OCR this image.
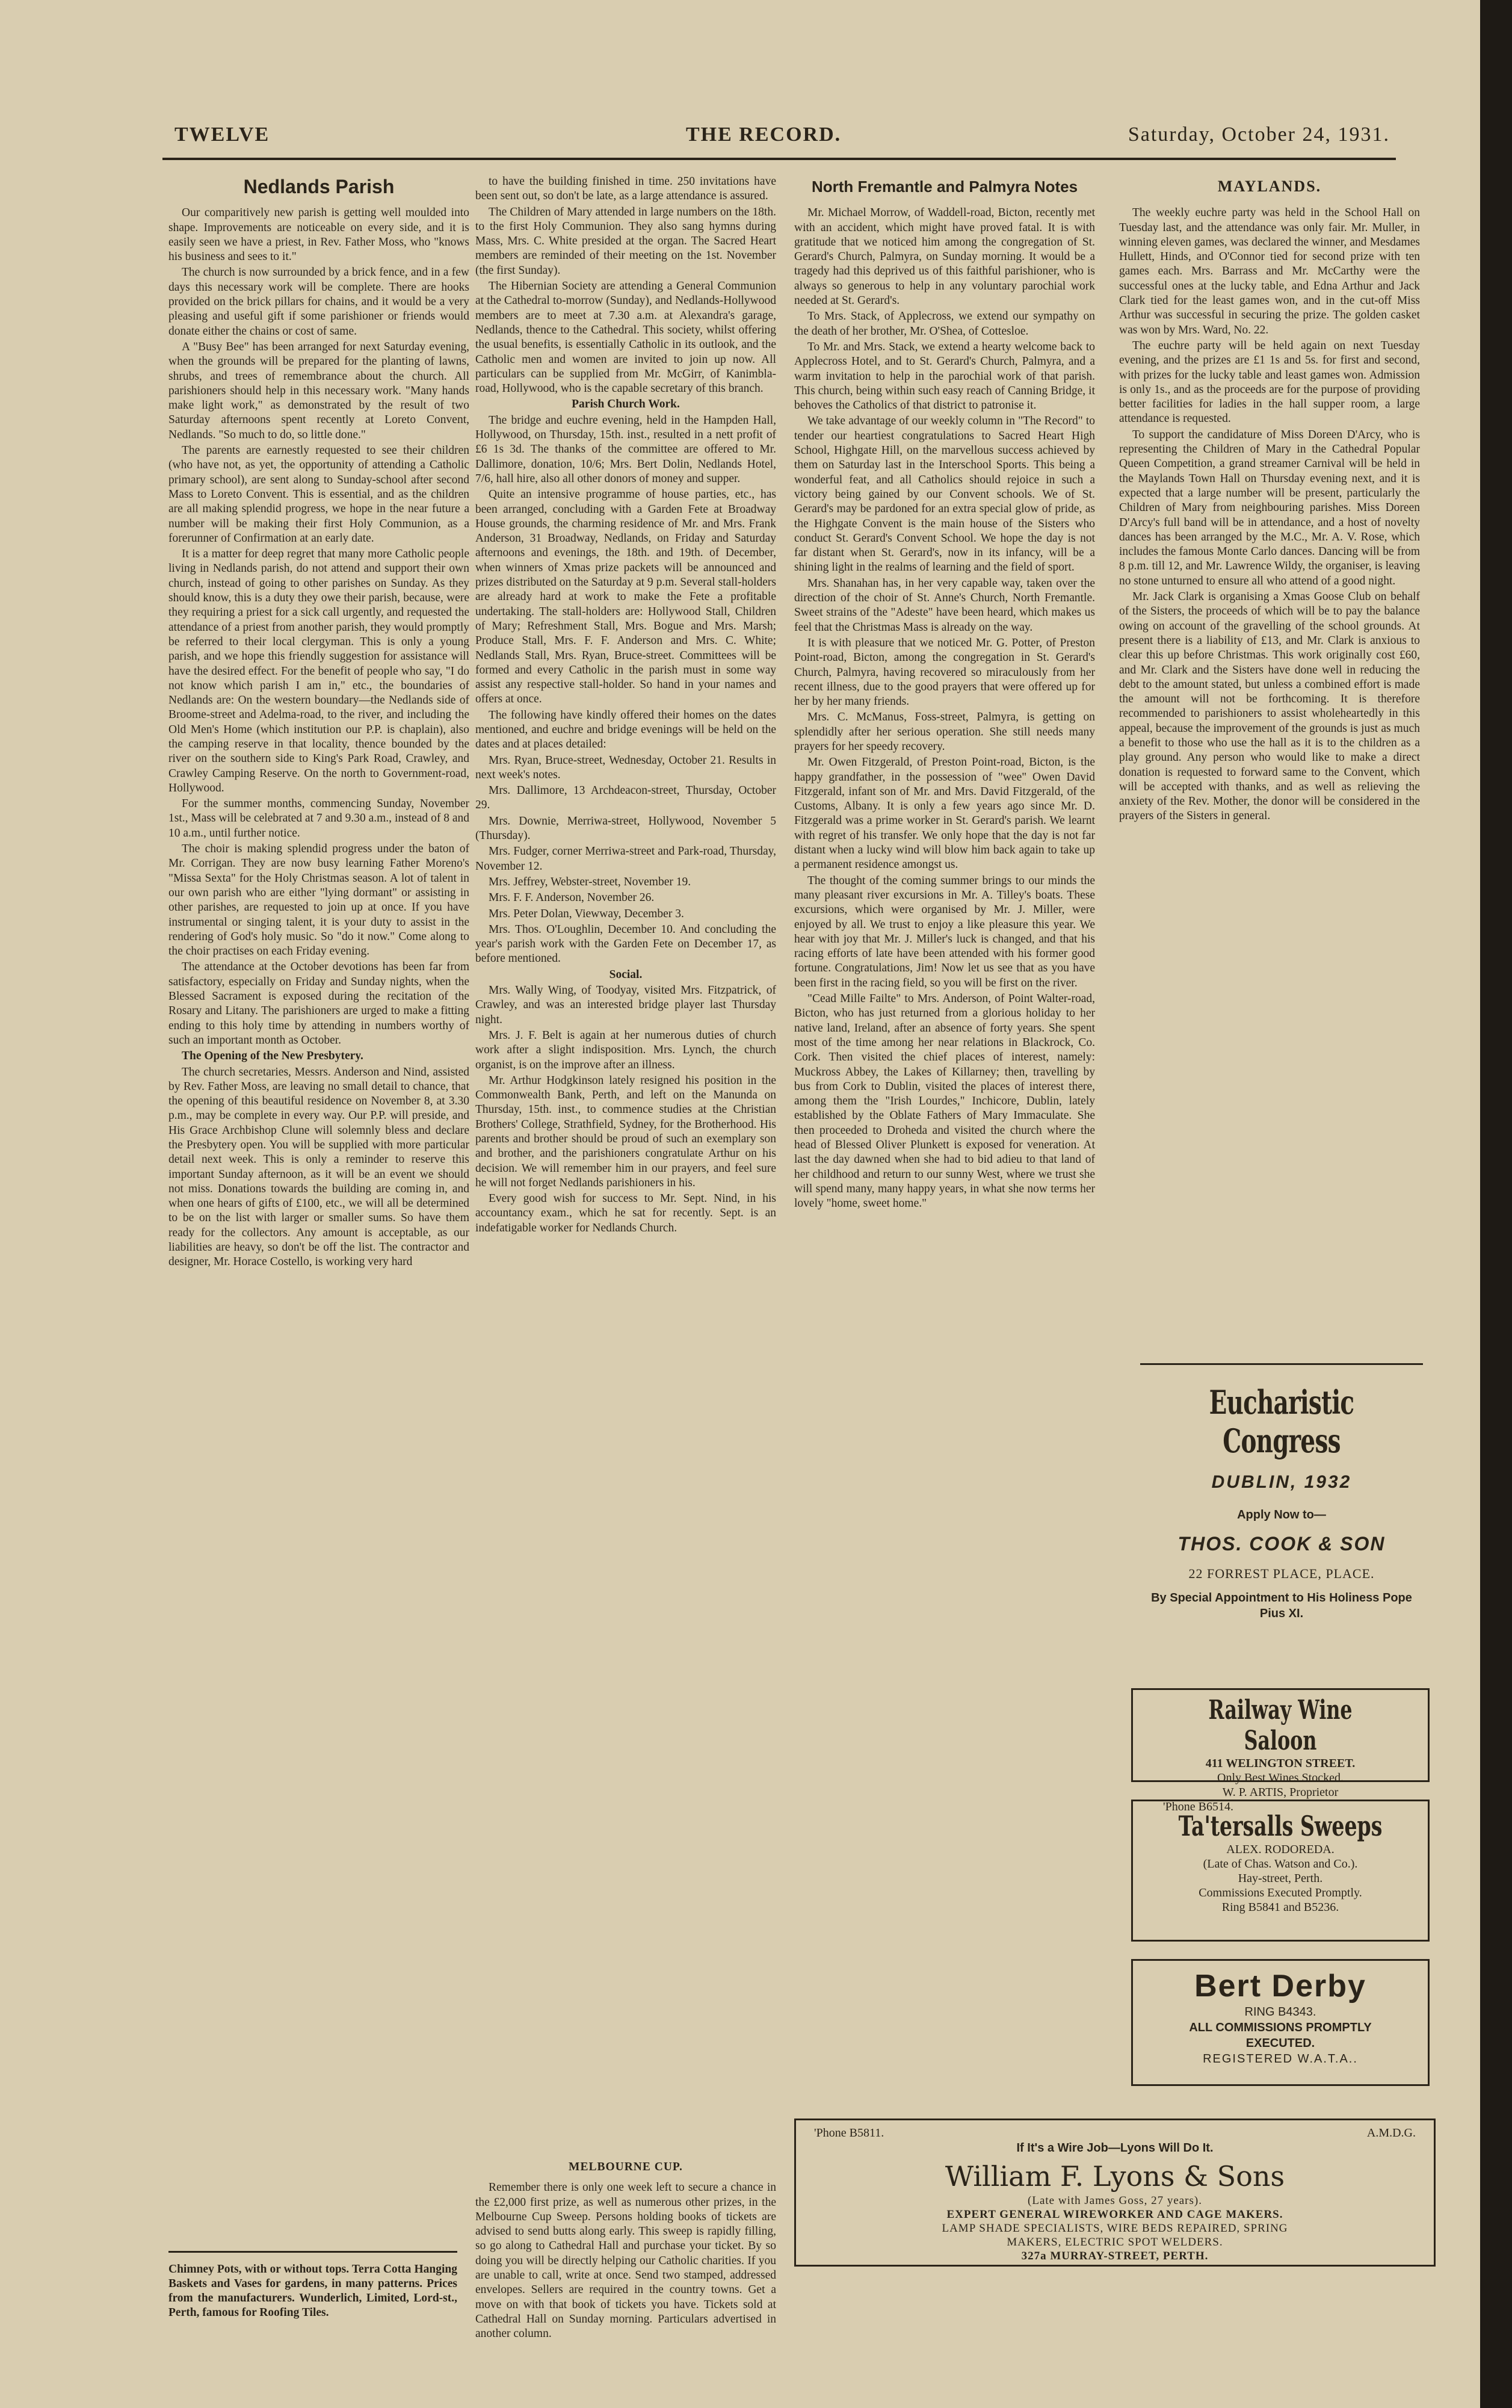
TWELVE	THE RECORD.	Saturday, October 24, 1931.
Nedlands Parish

Our comparitively new parish is getting well moulded into shape. Improvements are noticeable on every side, and it is easily seen we have a priest, in Rev. Father Moss, who "knows his business and sees to it."

The church is now surrounded by a brick fence, and in a few days this necessary work will be complete. There are hooks provided on the brick pillars for chains, and it would be a very pleasing and useful gift if some parishioner or friends would donate either the chains or cost of same.

A "Busy Bee" has been arranged for next Saturday evening, when the grounds will be prepared for the planting of lawns, shrubs, and trees of remembrance about the church. All parishioners should help in this necessary work. "Many hands make light work," as demonstrated by the result of two Saturday afternoons spent recently at Loreto Convent, Nedlands. "So much to do, so little done."

The parents are earnestly requested to see their children (who have not, as yet, the opportunity of attending a Catholic primary school), are sent along to Sunday-school after second Mass to Loreto Convent. This is essential, and as the children are all making splendid progress, we hope in the near future a number will be making their first Holy Communion, as a forerunner of Confirmation at an early date.

It is a matter for deep regret that many more Catholic people living in Nedlands parish, do not attend and support their own church, instead of going to other parishes on Sunday. As they should know, this is a duty they owe their parish, because, were they requiring a priest for a sick call urgently, and requested the attendance of a priest from another parish, they would promptly be referred to their local clergyman. This is only a young parish, and we hope this friendly suggestion for assistance will have the desired effect. For the benefit of people who say, "I do not know which parish I am in," etc., the boundaries of Nedlands are: On the western boundary—the Nedlands side of Broome-street and Adelma-road, to the river, and including the Old Men's Home (which institution our P.P. is chaplain), also the camping reserve in that locality, thence bounded by the river on the southern side to King's Park Road, Crawley, and Crawley Camping Reserve. On the north to Government-road, Hollywood.

For the summer months, commencing Sunday, November 1st., Mass will be celebrated at 7 and 9.30 a.m., instead of 8 and 10 a.m., until further notice.

The choir is making splendid progress under the baton of Mr. Corrigan. They are now busy learning Father Moreno's "Missa Sexta" for the Holy Christmas season. A lot of talent in our own parish who are either "lying dormant" or assisting in other parishes, are requested to join up at once. If you have instrumental or singing talent, it is your duty to assist in the rendering of God's holy music. So "do it now." Come along to the choir practises on each Friday evening.

The attendance at the October devotions has been far from satisfactory, especially on Friday and Sunday nights, when the Blessed Sacrament is exposed during the recitation of the Rosary and Litany. The parishioners are urged to make a fitting ending to this holy time by attending in numbers worthy of such an important month as October.

The Opening of the New Presbytery.

The church secretaries, Messrs. Anderson and Nind, assisted by Rev. Father Moss, are leaving no small detail to chance, that the opening of this beautiful residence on November 8, at 3.30 p.m., may be complete in every way. Our P.P. will preside, and His Grace Archbishop Clune will solemnly bless and declare the Presbytery open. You will be supplied with more particular detail next week. This is only a reminder to reserve this important Sunday afternoon, as it will be an event we should not miss. Donations towards the building are coming in, and when one hears of gifts of £100, etc., we will all be determined to be on the list with larger or smaller sums. So have them ready for the collectors. Any amount is acceptable, as our liabilities are heavy, so don't be off the list. The contractor and designer, Mr. Horace Costello, is working very hard

Chimney Pots, with or without tops. Terra Cotta Hanging Baskets and Vases for gardens, in many patterns. Prices from the manufacturers. Wunderlich, Limited, Lord-st., Perth, famous for Roofing Tiles.

to have the building finished in time. 250 invitations have been sent out, so don't be late, as a large attendance is assured.

The Children of Mary attended in large numbers on the 18th. to the first Holy Communion. They also sang hymns during Mass, Mrs. C. White presided at the organ. The Sacred Heart members are reminded of their meeting on the 1st. November (the first Sunday).

The Hibernian Society are attending a General Communion at the Cathedral to-morrow (Sunday), and Nedlands-Hollywood members are to meet at 7.30 a.m. at Alexandra's garage, Nedlands, thence to the Cathedral. This society, whilst offering the usual benefits, is essentially Catholic in its outlook, and the Catholic men and women are invited to join up now. All particulars can be supplied from Mr. McGirr, of Kanimbla-road, Hollywood, who is the capable secretary of this branch.

Parish Church Work.

The bridge and euchre evening, held in the Hampden Hall, Hollywood, on Thursday, 15th. inst., resulted in a nett profit of £6 1s 3d. The thanks of the committee are offered to Mr. Dallimore, donation, 10/6; Mrs. Bert Dolin, Nedlands Hotel, 7/6, hall hire, also all other donors of money and supper.

Quite an intensive programme of house parties, etc., has been arranged, concluding with a Garden Fete at Broadway House grounds, the charming residence of Mr. and Mrs. Frank Anderson, 31 Broadway, Nedlands, on Friday and Saturday afternoons and evenings, the 18th. and 19th. of December, when winners of Xmas prize packets will be announced and prizes distributed on the Saturday at 9 p.m. Several stall-holders are already hard at work to make the Fete a profitable undertaking. The stall-holders are: Hollywood Stall, Children of Mary; Refreshment Stall, Mrs. Bogue and Mrs. Marsh; Produce Stall, Mrs. F. F. Anderson and Mrs. C. White; Nedlands Stall, Mrs. Ryan, Bruce-street. Committees will be formed and every Catholic in the parish must in some way assist any respective stall-holder. So hand in your names and offers at once.

The following have kindly offered their homes on the dates mentioned, and euchre and bridge evenings will be held on the dates and at places detailed:

Mrs. Ryan, Bruce-street, Wednesday, October 21. Results in next week's notes.

Mrs. Dallimore, 13 Archdeacon-street, Thursday, October 29.

Mrs. Downie, Merriwa-street, Hollywood, November 5 (Thursday).

Mrs. Fudger, corner Merriwa-street and Park-road, Thursday, November 12.

Mrs. Jeffrey, Webster-street, November 19.

Mrs. F. F. Anderson, November 26.

Mrs. Peter Dolan, Viewway, December 3.

Mrs. Thos. O'Loughlin, December 10. And concluding the year's parish work with the Garden Fete on December 17, as before mentioned.

Social.

Mrs. Wally Wing, of Toodyay, visited Mrs. Fitzpatrick, of Crawley, and was an interested bridge player last Thursday night.

Mrs. J. F. Belt is again at her numerous duties of church work after a slight indisposition. Mrs. Lynch, the church organist, is on the improve after an illness.

Mr. Arthur Hodgkinson lately resigned his position in the Commonwealth Bank, Perth, and left on the Manunda on Thursday, 15th. inst., to commence studies at the Christian Brothers' College, Strathfield, Sydney, for the Brotherhood. His parents and brother should be proud of such an exemplary son and brother, and the parishioners congratulate Arthur on his decision. We will remember him in our prayers, and feel sure he will not forget Nedlands parishioners in his.

Every good wish for success to Mr. Sept. Nind, in his accountancy exam., which he sat for recently. Sept. is an indefatigable worker for Nedlands Church.

MELBOURNE CUP.

Remember there is only one week left to secure a chance in the £2,000 first prize, as well as numerous other prizes, in the Melbourne Cup Sweep. Persons holding books of tickets are advised to send butts along early. This sweep is rapidly filling, so go along to Cathedral Hall and purchase your ticket. By so doing you will be directly helping our Catholic charities. If you are unable to call, write at once. Send two stamped, addressed envelopes. Sellers are required in the country towns. Get a move on with that book of tickets you have. Tickets sold at Cathedral Hall on Sunday morning. Particulars advertised in another column.

North Fremantle and Palmyra Notes

Mr. Michael Morrow, of Waddell-road, Bicton, recently met with an accident, which might have proved fatal. It is with gratitude that we noticed him among the congregation of St. Gerard's Church, Palmyra, on Sunday morning. It would be a tragedy had this deprived us of this faithful parishioner, who is always so generous to help in any voluntary parochial work needed at St. Gerard's.

To Mrs. Stack, of Applecross, we extend our sympathy on the death of her brother, Mr. O'Shea, of Cottesloe.

To Mr. and Mrs. Stack, we extend a hearty welcome back to Applecross Hotel, and to St. Gerard's Church, Palmyra, and a warm invitation to help in the parochial work of that parish. This church, being within such easy reach of Canning Bridge, it behoves the Catholics of that district to patronise it.

We take advantage of our weekly column in "The Record" to tender our heartiest congratulations to Sacred Heart High School, Highgate Hill, on the marvellous success achieved by them on Saturday last in the Interschool Sports. This being a wonderful feat, and all Catholics should rejoice in such a victory being gained by our Convent schools. We of St. Gerard's may be pardoned for an extra special glow of pride, as the Highgate Convent is the main house of the Sisters who conduct St. Gerard's Convent School. We hope the day is not far distant when St. Gerard's, now in its infancy, will be a shining light in the realms of learning and the field of sport.

Mrs. Shanahan has, in her very capable way, taken over the direction of the choir of St. Anne's Church, North Fremantle. Sweet strains of the "Adeste" have been heard, which makes us feel that the Christmas Mass is already on the way.

It is with pleasure that we noticed Mr. G. Potter, of Preston Point-road, Bicton, among the congregation in St. Gerard's Church, Palmyra, having recovered so miraculously from her recent illness, due to the good prayers that were offered up for her by her many friends.

Mrs. C. McManus, Foss-street, Palmyra, is getting on splendidly after her serious operation. She still needs many prayers for her speedy recovery.

Mr. Owen Fitzgerald, of Preston Point-road, Bicton, is the happy grandfather, in the possession of "wee" Owen David Fitzgerald, infant son of Mr. and Mrs. David Fitzgerald, of the Customs, Albany. It is only a few years ago since Mr. D. Fitzgerald was a prime worker in St. Gerard's parish. We learnt with regret of his transfer. We only hope that the day is not far distant when a lucky wind will blow him back again to take up a permanent residence amongst us.

The thought of the coming summer brings to our minds the many pleasant river excursions in Mr. A. Tilley's boats. These excursions, which were organised by Mr. J. Miller, were enjoyed by all. We trust to enjoy a like pleasure this year. We hear with joy that Mr. J. Miller's luck is changed, and that his racing efforts of late have been attended with his former good fortune. Congratulations, Jim! Now let us see that as you have been first in the racing field, so you will be first on the river.

"Cead Mille Failte" to Mrs. Anderson, of Point Walter-road, Bicton, who has just returned from a glorious holiday to her native land, Ireland, after an absence of forty years. She spent most of the time among her near relations in Blackrock, Co. Cork. Then visited the chief places of interest, namely: Muckross Abbey, the Lakes of Killarney; then, travelling by bus from Cork to Dublin, visited the places of interest there, among them the "Irish Lourdes," Inchicore, Dublin, lately established by the Oblate Fathers of Mary Immaculate. She then proceeded to Droheda and visited the church where the head of Blessed Oliver Plunkett is exposed for veneration. At last the day dawned when she had to bid adieu to that land of her childhood and return to our sunny West, where we trust she will spend many, many happy years, in what she now terms her lovely "home, sweet home."

MAYLANDS.

The weekly euchre party was held in the School Hall on Tuesday last, and the attendance was only fair. Mr. Muller, in winning eleven games, was declared the winner, and Mesdames Hullett, Hinds, and O'Connor tied for second prize with ten games each. Mrs. Barrass and Mr. McCarthy were the successful ones at the lucky table, and Edna Arthur and Jack Clark tied for the least games won, and in the cut-off Miss Arthur was successful in securing the prize. The golden casket was won by Mrs. Ward, No. 22.

The euchre party will be held again on next Tuesday evening, and the prizes are £1 1s and 5s. for first and second, with prizes for the lucky table and least games won. Admission is only 1s., and as the proceeds are for the purpose of providing better facilities for ladies in the hall supper room, a large attendance is requested.

To support the candidature of Miss Doreen D'Arcy, who is representing the Children of Mary in the Cathedral Popular Queen Competition, a grand streamer Carnival will be held in the Maylands Town Hall on Thursday evening next, and it is expected that a large number will be present, particularly the Children of Mary from neighbouring parishes. Miss Doreen D'Arcy's full band will be in attendance, and a host of novelty dances has been arranged by the M.C., Mr. A. V. Rose, which includes the famous Monte Carlo dances. Dancing will be from 8 p.m. till 12, and Mr. Lawrence Wildy, the organiser, is leaving no stone unturned to ensure all who attend of a good night.

Mr. Jack Clark is organising a Xmas Goose Club on behalf of the Sisters, the proceeds of which will be to pay the balance owing on account of the gravelling of the school grounds. At present there is a liability of £13, and Mr. Clark is anxious to clear this up before Christmas. This work originally cost £60, and Mr. Clark and the Sisters have done well in reducing the debt to the amount stated, but unless a combined effort is made the amount will not be forthcoming. It is therefore recommended to parishioners to assist wholeheartedly in this appeal, because the improvement of the grounds is just as much a benefit to those who use the hall as it is to the children as a play ground. Any person who would like to make a direct donation is requested to forward same to the Convent, which will be accepted with thanks, and as well as relieving the anxiety of the Rev. Mother, the donor will be considered in the prayers of the Sisters in general.

Eucharistic Congress
DUBLIN, 1932
Apply Now to—
THOS. COOK & SON
22 FORREST PLACE, PLACE.
By Special Appointment to His Holiness Pope Pius XI.
Railway Wine Saloon
411 WELINGTON STREET.
Only Best Wines Stocked.
W. P. ARTIS, Proprietor
'Phone B6514.
Ta'tersalls Sweeps
ALEX. RODOREDA.
(Late of Chas. Watson and Co.).
Hay-street, Perth.
Commissions Executed Promptly.
Ring B5841 and B5236.
Bert Derby
RING B4343.
ALL COMMISSIONS PROMPTLY
EXECUTED.
REGISTERED W.A.T.A..
'Phone B5811.	A.M.D.G.
If It's a Wire Job—Lyons Will Do It.
William F. Lyons & Sons
(Late with James Goss, 27 years).
EXPERT GENERAL WIREWORKER AND CAGE MAKERS.
LAMP SHADE SPECIALISTS, WIRE BEDS REPAIRED, SPRING
MAKERS, ELECTRIC SPOT WELDERS.
327a MURRAY-STREET, PERTH.
